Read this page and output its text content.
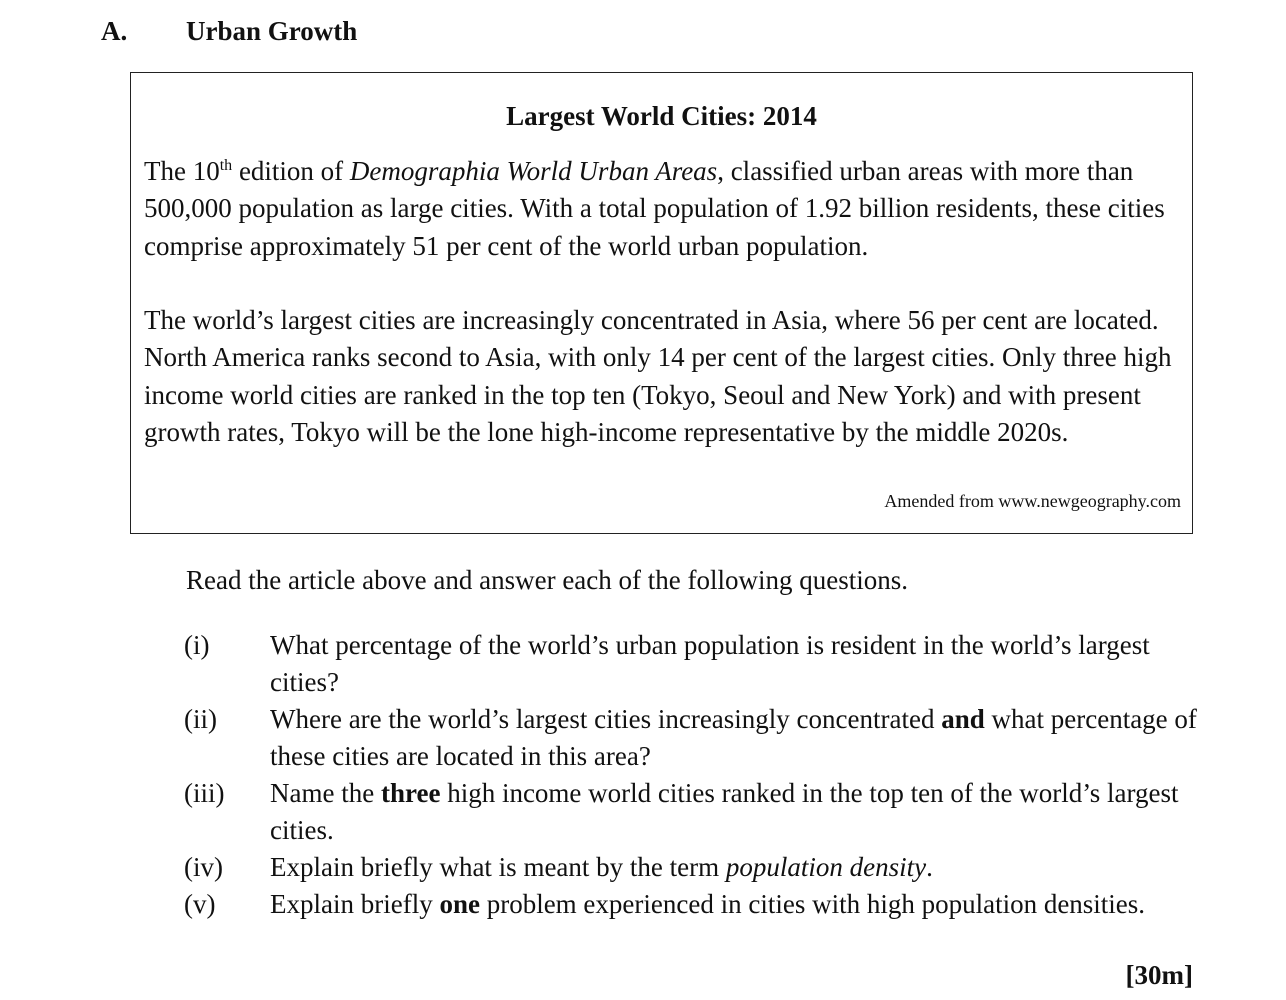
A. Urban Growth
Largest World Cities: 2014

The 10th edition of Demographia World Urban Areas, classified urban areas with more than 500,000 population as large cities. With a total population of 1.92 billion residents, these cities comprise approximately 51 per cent of the world urban population.

The world’s largest cities are increasingly concentrated in Asia, where 56 per cent are located. North America ranks second to Asia, with only 14 per cent of the largest cities. Only three high income world cities are ranked in the top ten (Tokyo, Seoul and New York) and with present growth rates, Tokyo will be the lone high-income representative by the middle 2020s.

Amended from www.newgeography.com
Read the article above and answer each of the following questions.
(i) What percentage of the world’s urban population is resident in the world’s largest cities?

(ii) Where are the world’s largest cities increasingly concentrated and what percentage of these cities are located in this area?

(iii) Name the three high income world cities ranked in the top ten of the world’s largest cities.

(iv) Explain briefly what is meant by the term population density.

(v) Explain briefly one problem experienced in cities with high population densities.

[30m]
